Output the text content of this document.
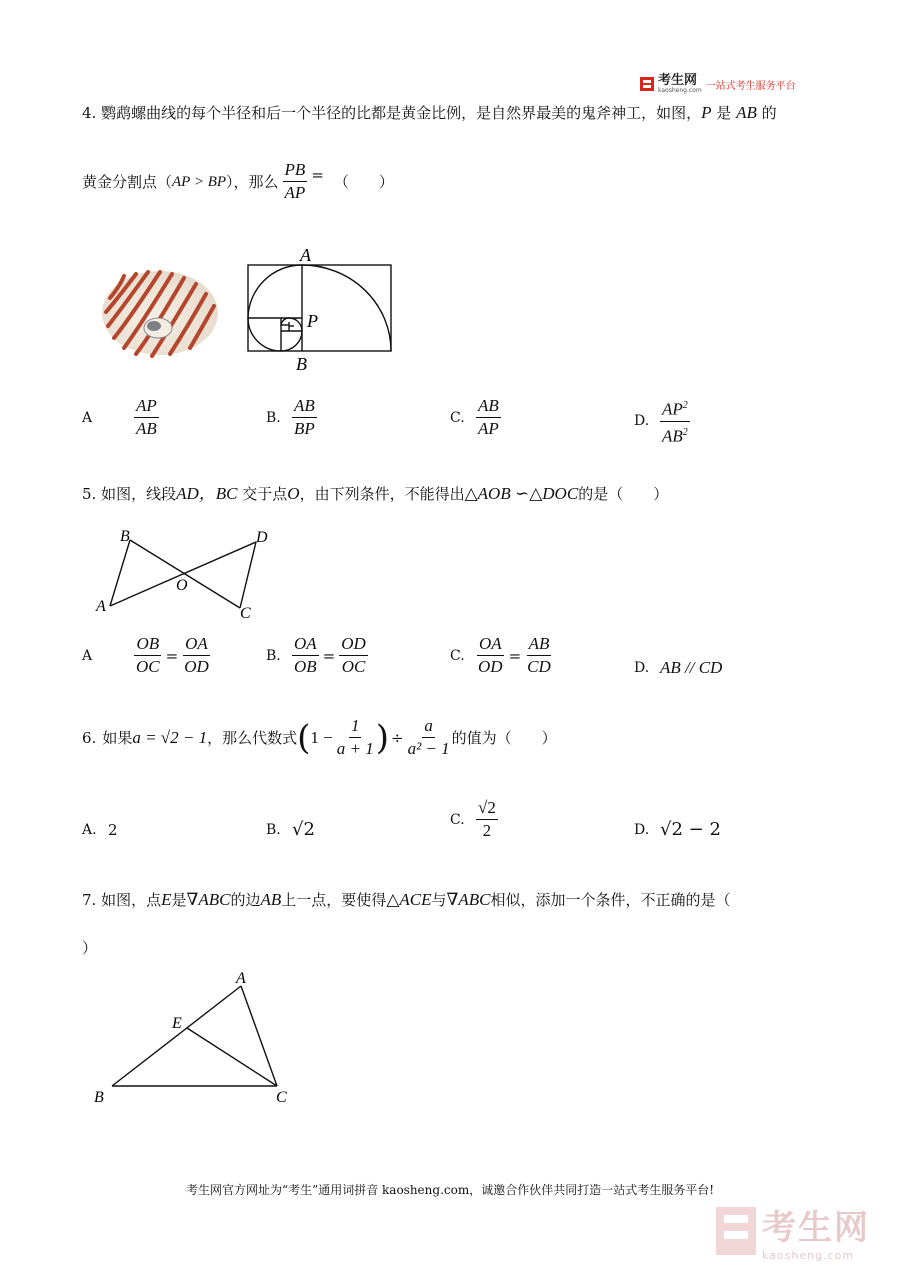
考生网
kaosheng.com 一站式考生服务平台
4. 鹦鹉螺曲线的每个半径和后一个半径的比都是黄金比例，是自然界最美的鬼斧神工，如图，P 是 AB 的
黄金分割点（ AP > BP ），那么 $\frac{PB}{AP}$ = （　　）
A
P
B
A	$\frac{AP}{AB}$	B. $\frac{AB}{BP}$	C. $\frac{AB}{AP}$	D. $\frac{AP^2}{AB^2}$
5. 如图，线段AD，BC 交于点O，由下列条件，不能得出△AOB ∽△DOC的是（　　）
B	D
O
A	C
A	$\frac{OB}{OC} = \frac{OA}{OD}$	B. $\frac{OA}{OB} = \frac{OD}{OC}$	C. $\frac{OA}{OD} = \frac{AB}{CD}$	D. AB // CD
6. 如果 a = √2 − 1 ，那么代数式 ( $1 - \frac{1}{a + 1}$ ) ÷ $\frac{a}{\text{a² − 1}}$ 的值为（　　）
A. 2	B. √2	C. $\frac{√2}{2}$	D. √2 − 2
7. 如图，点E是∇ABC的边AB上一点，要使得△ACE与∇ABC相似，添加一个条件，不正确的是（
）
A
E
B	C
考生网官方网址为“考生”通用词拼音 kaosheng.com，诚邀合作伙伴共同打造一站式考生服务平台!
考生网
kaosheng.com
